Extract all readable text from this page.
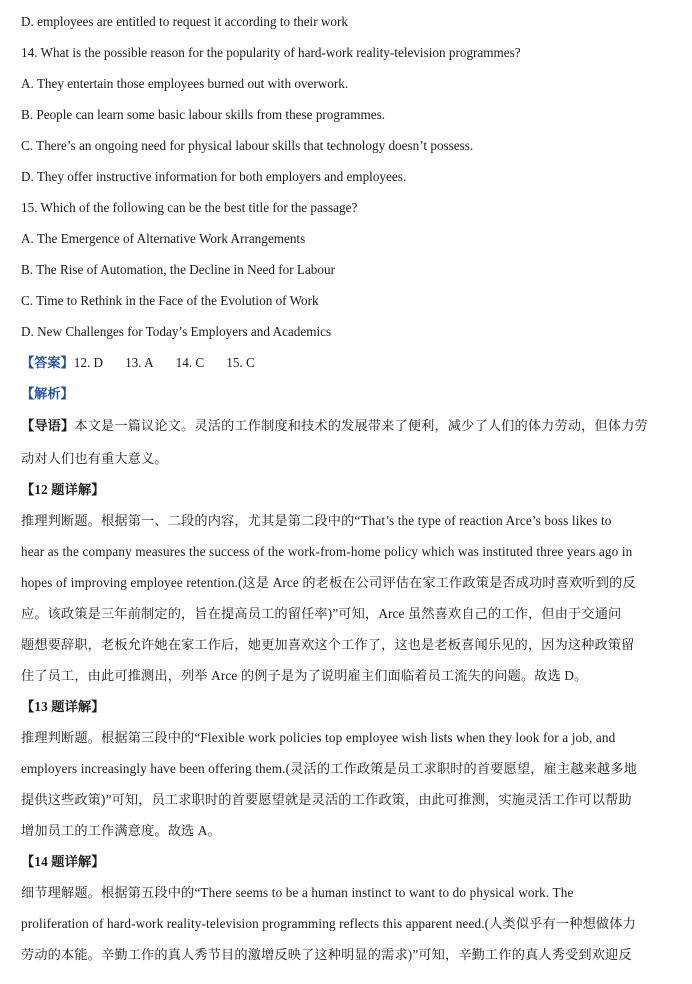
D. employees are entitled to request it according to their work
14. What is the possible reason for the popularity of hard-work reality-television programmes?
A. They entertain those employees burned out with overwork.
B. People can learn some basic labour skills from these programmes.
C. There’s an ongoing need for physical labour skills that technology doesn’t possess.
D. They offer instructive information for both employers and employees.
15. Which of the following can be the best title for the passage?
A. The Emergence of Alternative Work Arrangements
B. The Rise of Automation, the Decline in Need for Labour
C. Time to Rethink in the Face of the Evolution of Work
D. New Challenges for Today’s Employers and Academics
【答案】12. D 13. A 14. C 15. C
【解析】
【导语】本文是一篇议论文。灵活的工作制度和技术的发展带来了便利，减少了人们的体力劳动，但体力劳
动对人们也有重大意义。
【12 题详解】
推理判断题。根据第一、二段的内容，尤其是第二段中的“That’s the type of reaction Arce’s boss likes to
hear as the company measures the success of the work-from-home policy which was instituted three years ago in
hopes of improving employee retention.(这是 Arce 的老板在公司评估在家工作政策是否成功时喜欢听到的反
应。该政策是三年前制定的，旨在提高员工的留任率)”可知，Arce 虽然喜欢自己的工作，但由于交通问
题想要辞职，老板允许她在家工作后，她更加喜欢这个工作了，这也是老板喜闻乐见的，因为这种政策留
住了员工，由此可推测出，列举 Arce 的例子是为了说明雇主们面临着员工流失的问题。故选 D。
【13 题详解】
推理判断题。根据第三段中的“Flexible work policies top employee wish lists when they look for a job, and
employers increasingly have been offering them.(灵活的工作政策是员工求职时的首要愿望，雇主越来越多地
提供这些政策)”可知，员工求职时的首要愿望就是灵活的工作政策，由此可推测，实施灵活工作可以帮助
增加员工的工作满意度。故选 A。
【14 题详解】
细节理解题。根据第五段中的“There seems to be a human instinct to want to do physical work. The
proliferation of hard-work reality-television programming reflects this apparent need.(人类似乎有一种想做体力
劳动的本能。辛勤工作的真人秀节目的激增反映了这种明显的需求)”可知，辛勤工作的真人秀受到欢迎反
